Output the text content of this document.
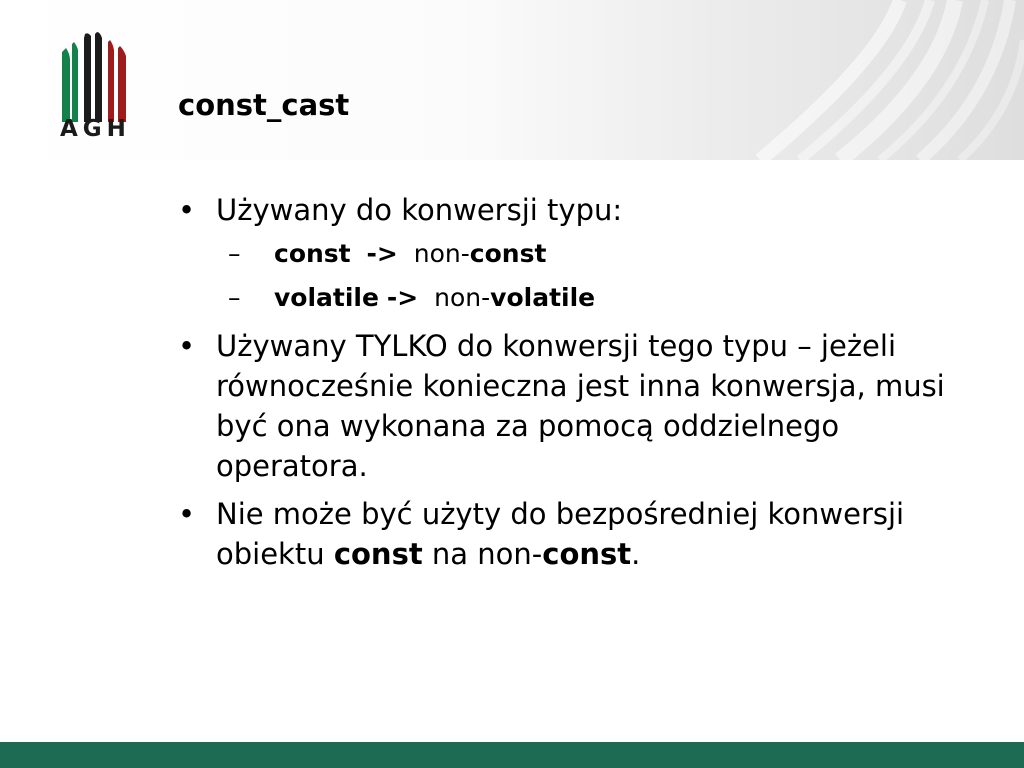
AGH
const_cast
• Używany do konwersji typu:
– const -> non-const
– volatile -> non-volatile
• Używany TYLKO do konwersji tego typu – jeżeli równocześnie konieczna jest inna konwersja, musi być ona wykonana za pomocą oddzielnego operatora.
• Nie może być użyty do bezpośredniej konwersji obiektu const na non-const.
